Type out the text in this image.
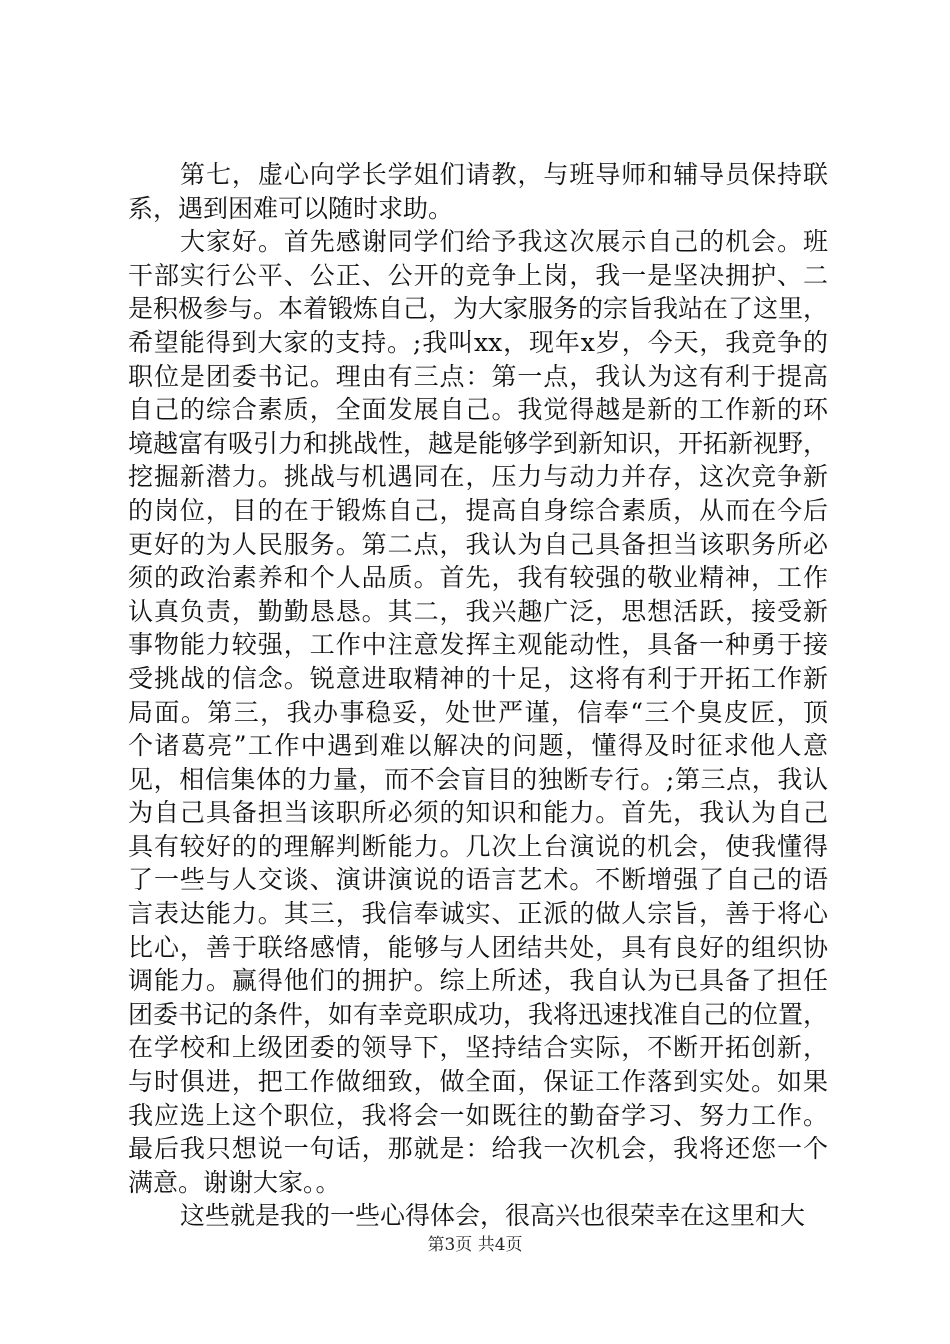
第七，虚心向学长学姐们请教，与班导师和辅导员保持联
系，遇到困难可以随时求助。
大家好。首先感谢同学们给予我这次展示自己的机会。班
干部实行公平、公正、公开的竞争上岗，我一是坚决拥护、二
是积极参与。本着锻炼自己，为大家服务的宗旨我站在了这里，
希望能得到大家的支持。;我叫xx，现年x岁，今天，我竞争的
职位是团委书记。理由有三点：第一点，我认为这有利于提高
自己的综合素质，全面发展自己。我觉得越是新的工作新的环
境越富有吸引力和挑战性，越是能够学到新知识，开拓新视野，
挖掘新潜力。挑战与机遇同在，压力与动力并存，这次竞争新
的岗位，目的在于锻炼自己，提高自身综合素质，从而在今后
更好的为人民服务。第二点，我认为自己具备担当该职务所必
须的政治素养和个人品质。首先，我有较强的敬业精神，工作
认真负责，勤勤恳恳。其二，我兴趣广泛，思想活跃，接受新
事物能力较强，工作中注意发挥主观能动性，具备一种勇于接
受挑战的信念。锐意进取精神的十足，这将有利于开拓工作新
局面。第三，我办事稳妥，处世严谨，信奉“三个臭皮匠，顶
个诸葛亮”工作中遇到难以解决的问题，懂得及时征求他人意
见，相信集体的力量，而不会盲目的独断专行。;第三点，我认
为自己具备担当该职所必须的知识和能力。首先，我认为自己
具有较好的的理解判断能力。几次上台演说的机会，使我懂得
了一些与人交谈、演讲演说的语言艺术。不断增强了自己的语
言表达能力。其三，我信奉诚实、正派的做人宗旨，善于将心
比心，善于联络感情，能够与人团结共处，具有良好的组织协
调能力。赢得他们的拥护。综上所述，我自认为已具备了担任
团委书记的条件，如有幸竞职成功，我将迅速找准自己的位置，
在学校和上级团委的领导下，坚持结合实际，不断开拓创新，
与时俱进，把工作做细致，做全面，保证工作落到实处。如果
我应选上这个职位，我将会一如既往的勤奋学习、努力工作。
最后我只想说一句话，那就是：给我一次机会，我将还您一个
满意。谢谢大家。。
这些就是我的一些心得体会，很高兴也很荣幸在这里和大
第3页 共4页
